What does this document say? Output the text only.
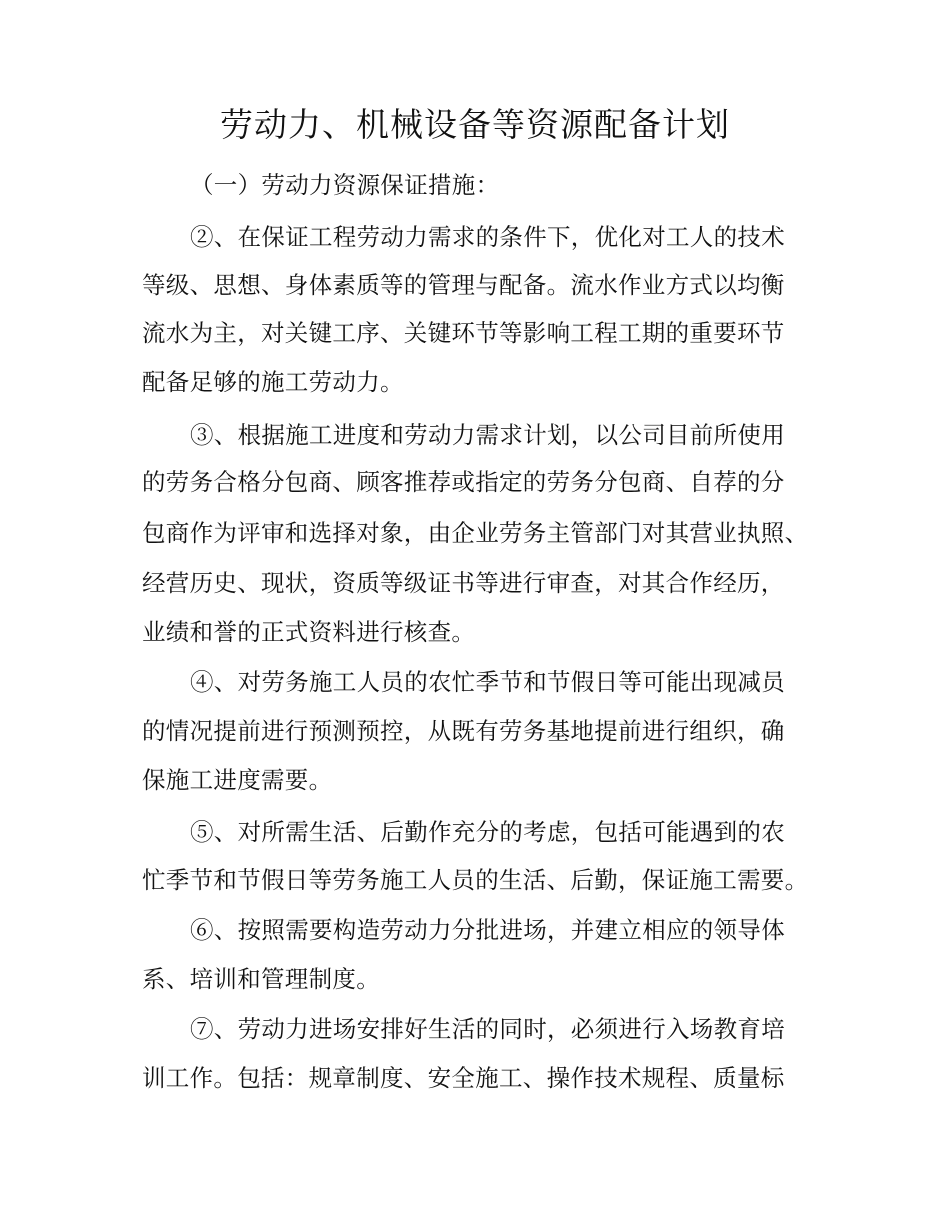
劳动力、机械设备等资源配备计划
（一）劳动力资源保证措施：
②、在保证工程劳动力需求的条件下，优化对工人的技术
等级、思想、身体素质等的管理与配备。流水作业方式以均衡
流水为主，对关键工序、关键环节等影响工程工期的重要环节
配备足够的施工劳动力。
③、根据施工进度和劳动力需求计划，以公司目前所使用
的劳务合格分包商、顾客推荐或指定的劳务分包商、自荐的分
包商作为评审和选择对象，由企业劳务主管部门对其营业执照、
经营历史、现状，资质等级证书等进行审查，对其合作经历，
业绩和誉的正式资料进行核查。
④、对劳务施工人员的农忙季节和节假日等可能出现减员
的情况提前进行预测预控，从既有劳务基地提前进行组织，确
保施工进度需要。
⑤、对所需生活、后勤作充分的考虑，包括可能遇到的农
忙季节和节假日等劳务施工人员的生活、后勤，保证施工需要。
⑥、按照需要构造劳动力分批进场，并建立相应的领导体
系、培训和管理制度。
⑦、劳动力进场安排好生活的同时，必须进行入场教育培
训工作。包括：规章制度、安全施工、操作技术规程、质量标
